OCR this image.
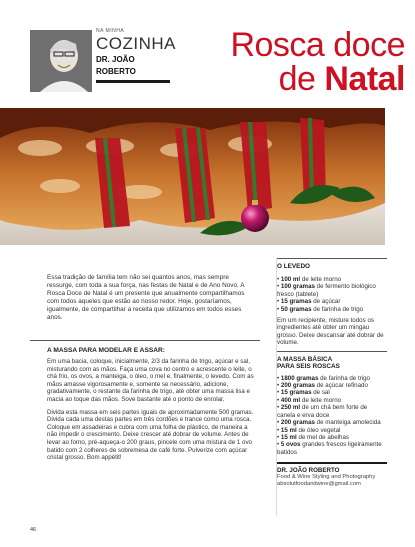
NA MINHA
COZINHA
DR. JOÃO
ROBERTO
Rosca doce
de Natal
Essa tradição de família tem não sei quantos anos, mas sempre ressurge, com toda a sua força, nas festas de Natal e de Ano Novo. A Rosca Doce de Natal é um presente que anualmente compartilhamos com todos aqueles que estão ao nosso redor. Hoje, gostaríamos, igualmente, de compartilhar a receita que utilizamos em todos esses anos.
A MASSA PARA MODELAR E ASSAR:

Em uma bacia, coloque, inicialmente, 2/3 da farinha de trigo, açúcar e sal, misturando com as mãos. Faça uma cova no centro e acrescente o leite, o chá frio, os ovos, a manteiga, o óleo, o mel e, finalmente, o levedo. Com as mãos amasse vigorosamente e, somente se necessário, adicione, gradativamente, o restante da farinha de trigo, até obter uma massa lisa e macia ao toque das mãos. Sove bastante até o ponto de enrolar.

Divida esta massa em seis partes iguais de aproximadamente 500 gramas. Divida cada uma destas partes em três cordões e trance como uma rosca. Coloque em assadeiras e cubra com uma folha de plástico, de maneira a não impedir o crescimento. Deixe crescer até dobrar de volume. Antes de levar ao forno, pré-aqueça-o 200 graus, pincele com uma mistura de 1 ovo batido com 2 colheres de sobremesa de café forte. Pulverize com açúcar cristal grosso. Bom appétit!

O LEVEDO
• 100 ml de leite morno
• 100 gramas de fermento biológico fresco (tablete)
• 15 gramas de açúcar
• 50 gramas de farinha de trigo
Em um recipiente, misture todos os ingredientes até obter um mingau grosso. Deixe descansar até dobrar de volume.
A MASSA BÁSICA
PARA SEIS ROSCAS
• 1800 gramas de farinha de trigo
• 200 gramas de açúcar refinado
• 15 gramas de sal
• 400 ml de leite morno
• 250 ml de um chá bem forte de canela e erva doce
• 200 gramas de manteiga amolecida
• 15 ml de óleo vegetal
• 15 ml de mel de abelhas
• 5 ovos grandes frescos ligeiramente batidos
DR. JOÃO ROBERTO
Food & Wine Styling and Photography
absolutfoodandwine@gmail.com
46
